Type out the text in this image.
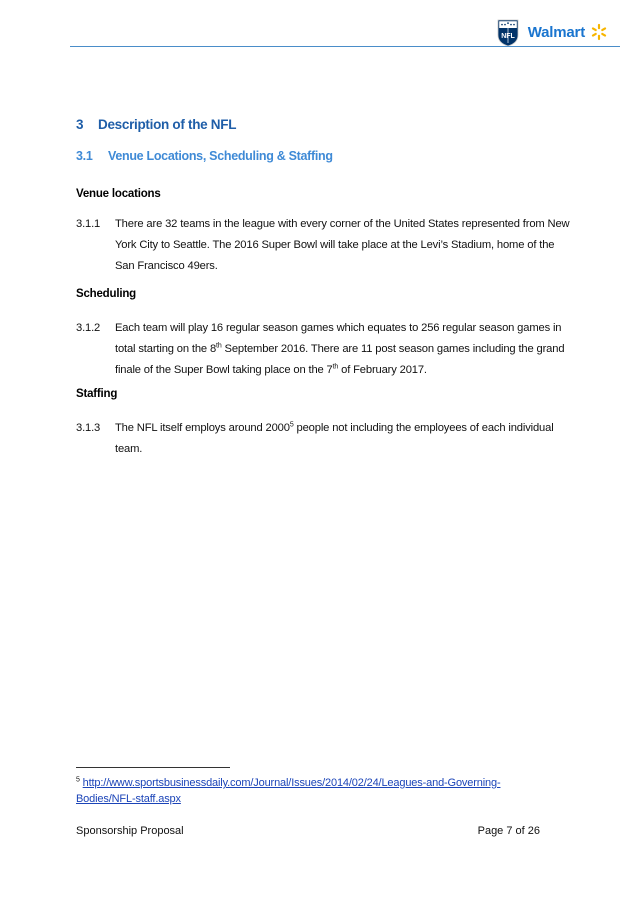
NFL Walmart
3 Description of the NFL
3.1 Venue Locations, Scheduling & Staffing
Venue locations
3.1.1 There are 32 teams in the league with every corner of the United States represented from New York City to Seattle. The 2016 Super Bowl will take place at the Levi’s Stadium, home of the San Francisco 49ers.
Scheduling
3.1.2 Each team will play 16 regular season games which equates to 256 regular season games in total starting on the 8th September 2016. There are 11 post season games including the grand finale of the Super Bowl taking place on the 7th of February 2017.
Staffing
3.1.3 The NFL itself employs around 2000$^5$ people not including the employees of each individual team.
$^5$ http://www.sportsbusinessdaily.com/Journal/Issues/2014/02/24/Leagues-and-Governing-Bodies/NFL-staff.aspx
Sponsorship Proposal	Page 7 of 26
